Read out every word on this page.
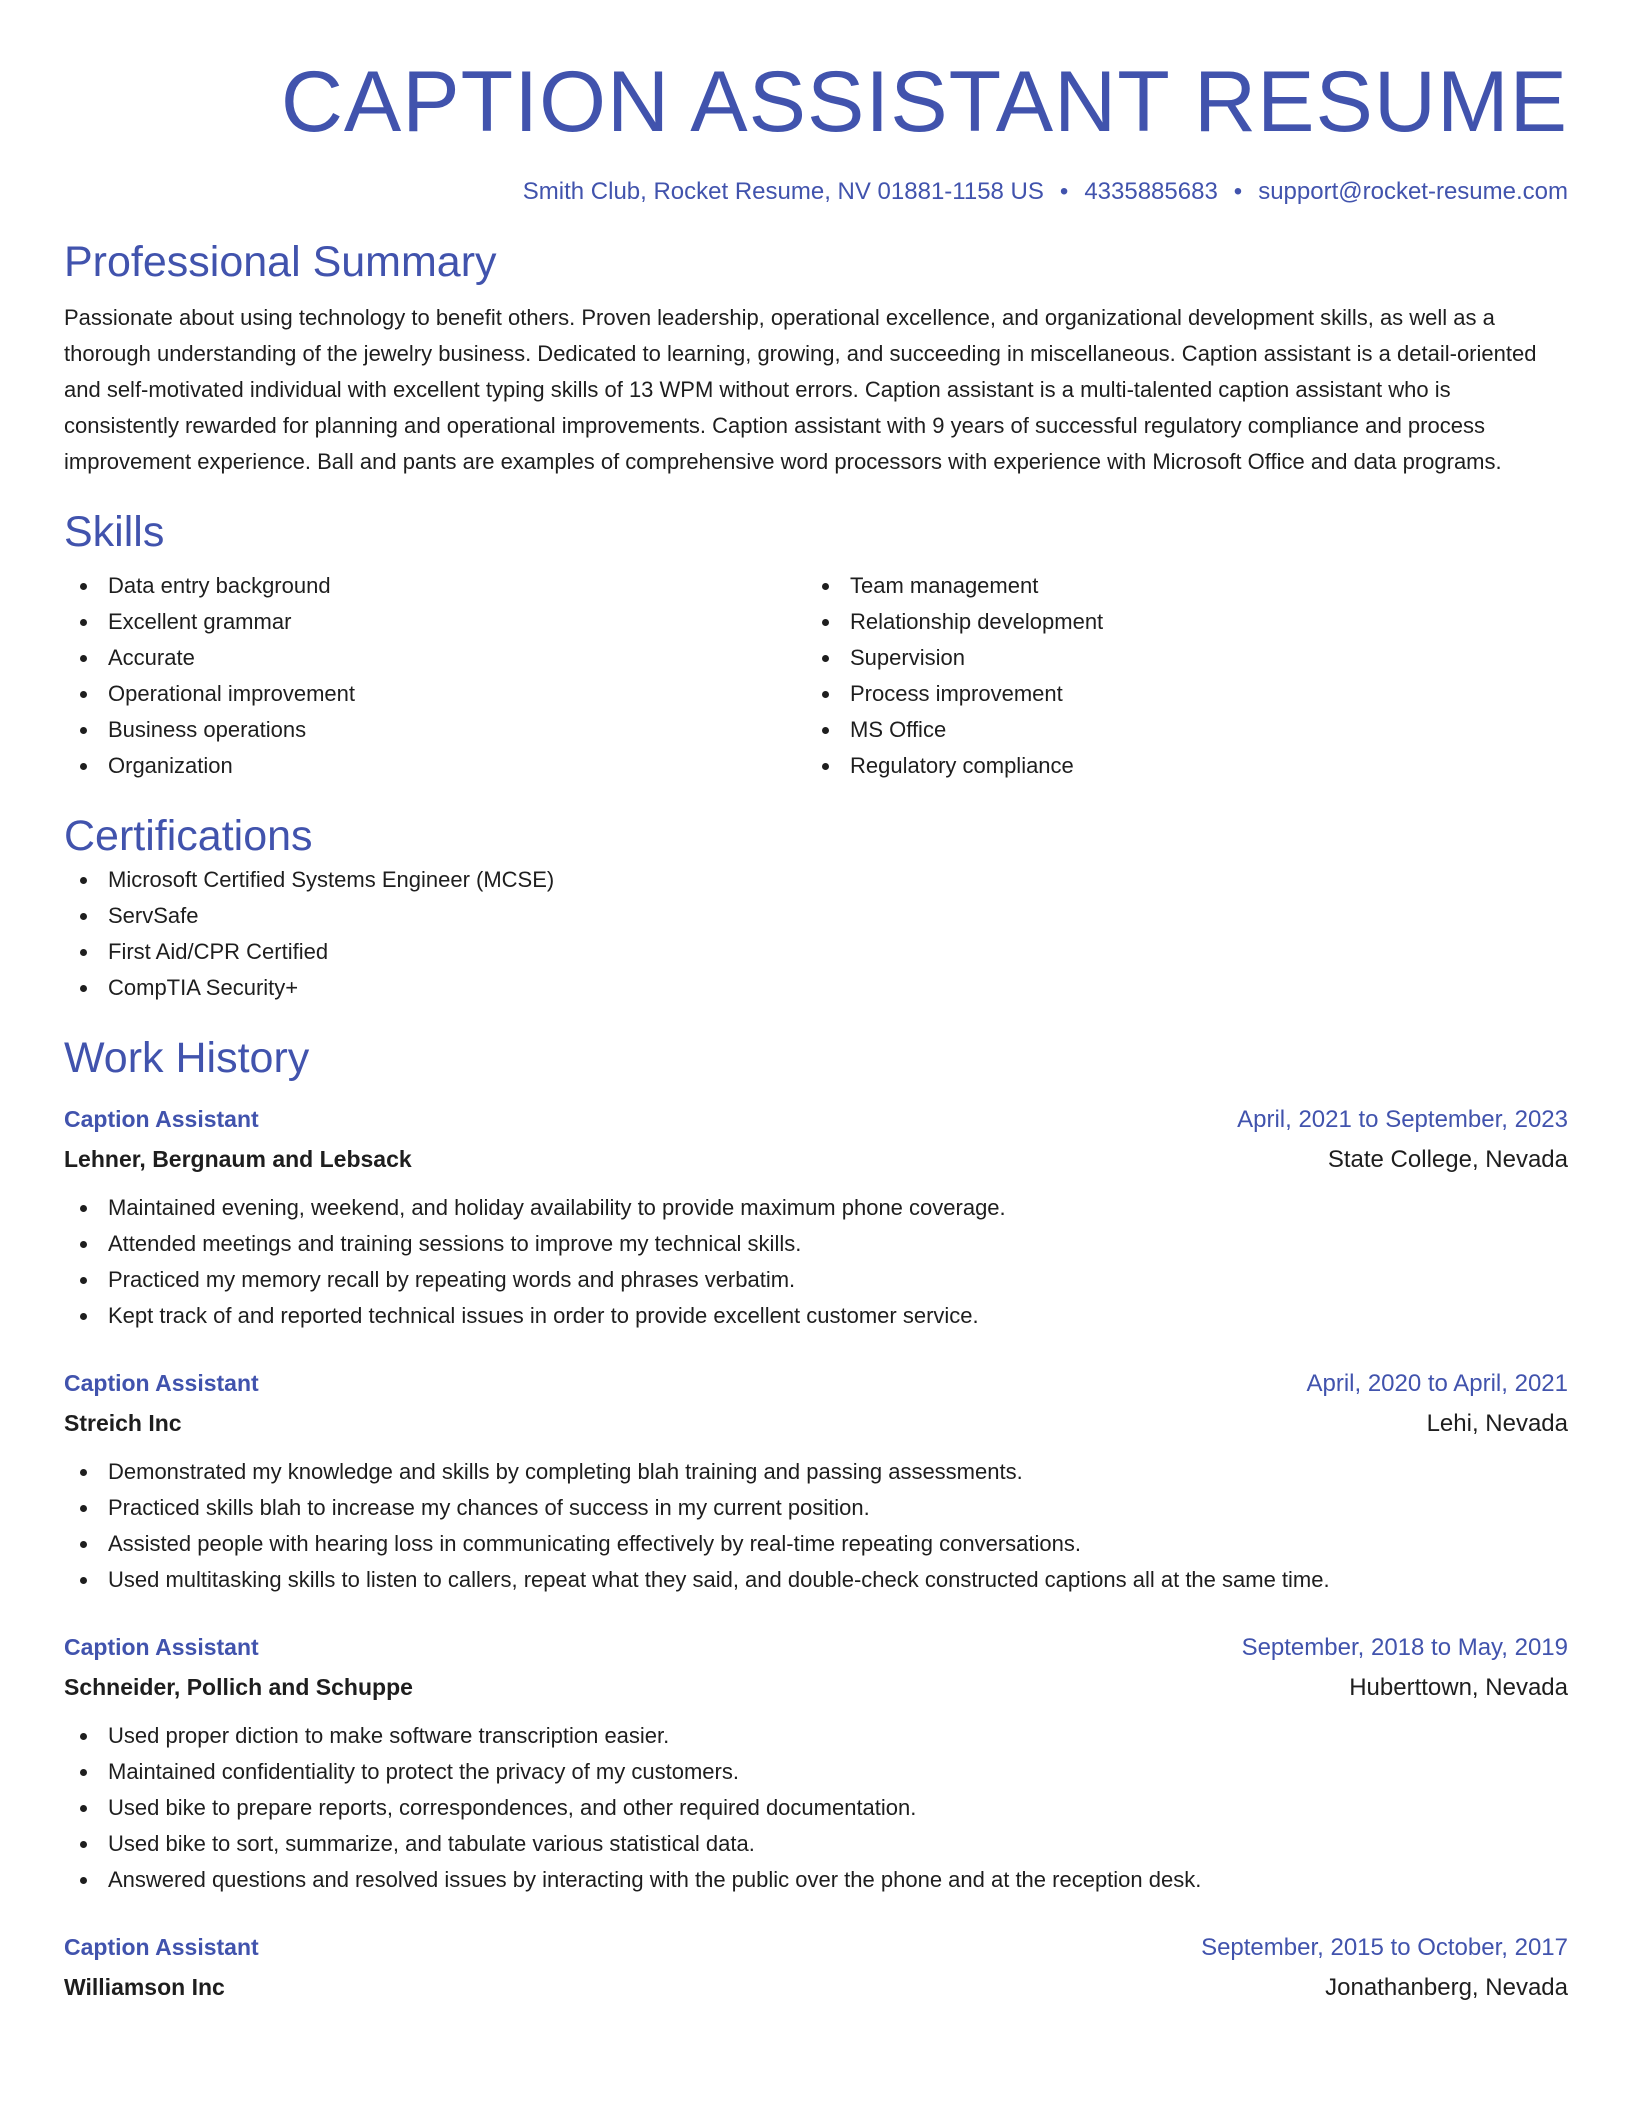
CAPTION ASSISTANT RESUME
Smith Club, Rocket Resume, NV 01881-1158 US • 4335885683 • support@rocket-resume.com
Professional Summary

Passionate about using technology to benefit others. Proven leadership, operational excellence, and organizational development skills, as well as a thorough understanding of the jewelry business. Dedicated to learning, growing, and succeeding in miscellaneous. Caption assistant is a detail-oriented and self-motivated individual with excellent typing skills of 13 WPM without errors. Caption assistant is a multi-talented caption assistant who is consistently rewarded for planning and operational improvements. Caption assistant with 9 years of successful regulatory compliance and process improvement experience. Ball and pants are examples of comprehensive word processors with experience with Microsoft Office and data programs.

Skills
Data entry background
Excellent grammar
Accurate
Operational improvement
Business operations
Organization
Team management
Relationship development
Supervision
Process improvement
MS Office
Regulatory compliance
Certifications
Microsoft Certified Systems Engineer (MCSE)
ServSafe
First Aid/CPR Certified
CompTIA Security+
Work History
Caption Assistant	April, 2021 to September, 2023
Lehner, Bergnaum and Lebsack	State College, Nevada
Maintained evening, weekend, and holiday availability to provide maximum phone coverage.
Attended meetings and training sessions to improve my technical skills.
Practiced my memory recall by repeating words and phrases verbatim.
Kept track of and reported technical issues in order to provide excellent customer service.
Caption Assistant	April, 2020 to April, 2021
Streich Inc	Lehi, Nevada
Demonstrated my knowledge and skills by completing blah training and passing assessments.
Practiced skills blah to increase my chances of success in my current position.
Assisted people with hearing loss in communicating effectively by real-time repeating conversations.
Used multitasking skills to listen to callers, repeat what they said, and double-check constructed captions all at the same time.
Caption Assistant	September, 2018 to May, 2019
Schneider, Pollich and Schuppe	Huberttown, Nevada
Used proper diction to make software transcription easier.
Maintained confidentiality to protect the privacy of my customers.
Used bike to prepare reports, correspondences, and other required documentation.
Used bike to sort, summarize, and tabulate various statistical data.
Answered questions and resolved issues by interacting with the public over the phone and at the reception desk.
Caption Assistant	September, 2015 to October, 2017
Williamson Inc	Jonathanberg, Nevada
